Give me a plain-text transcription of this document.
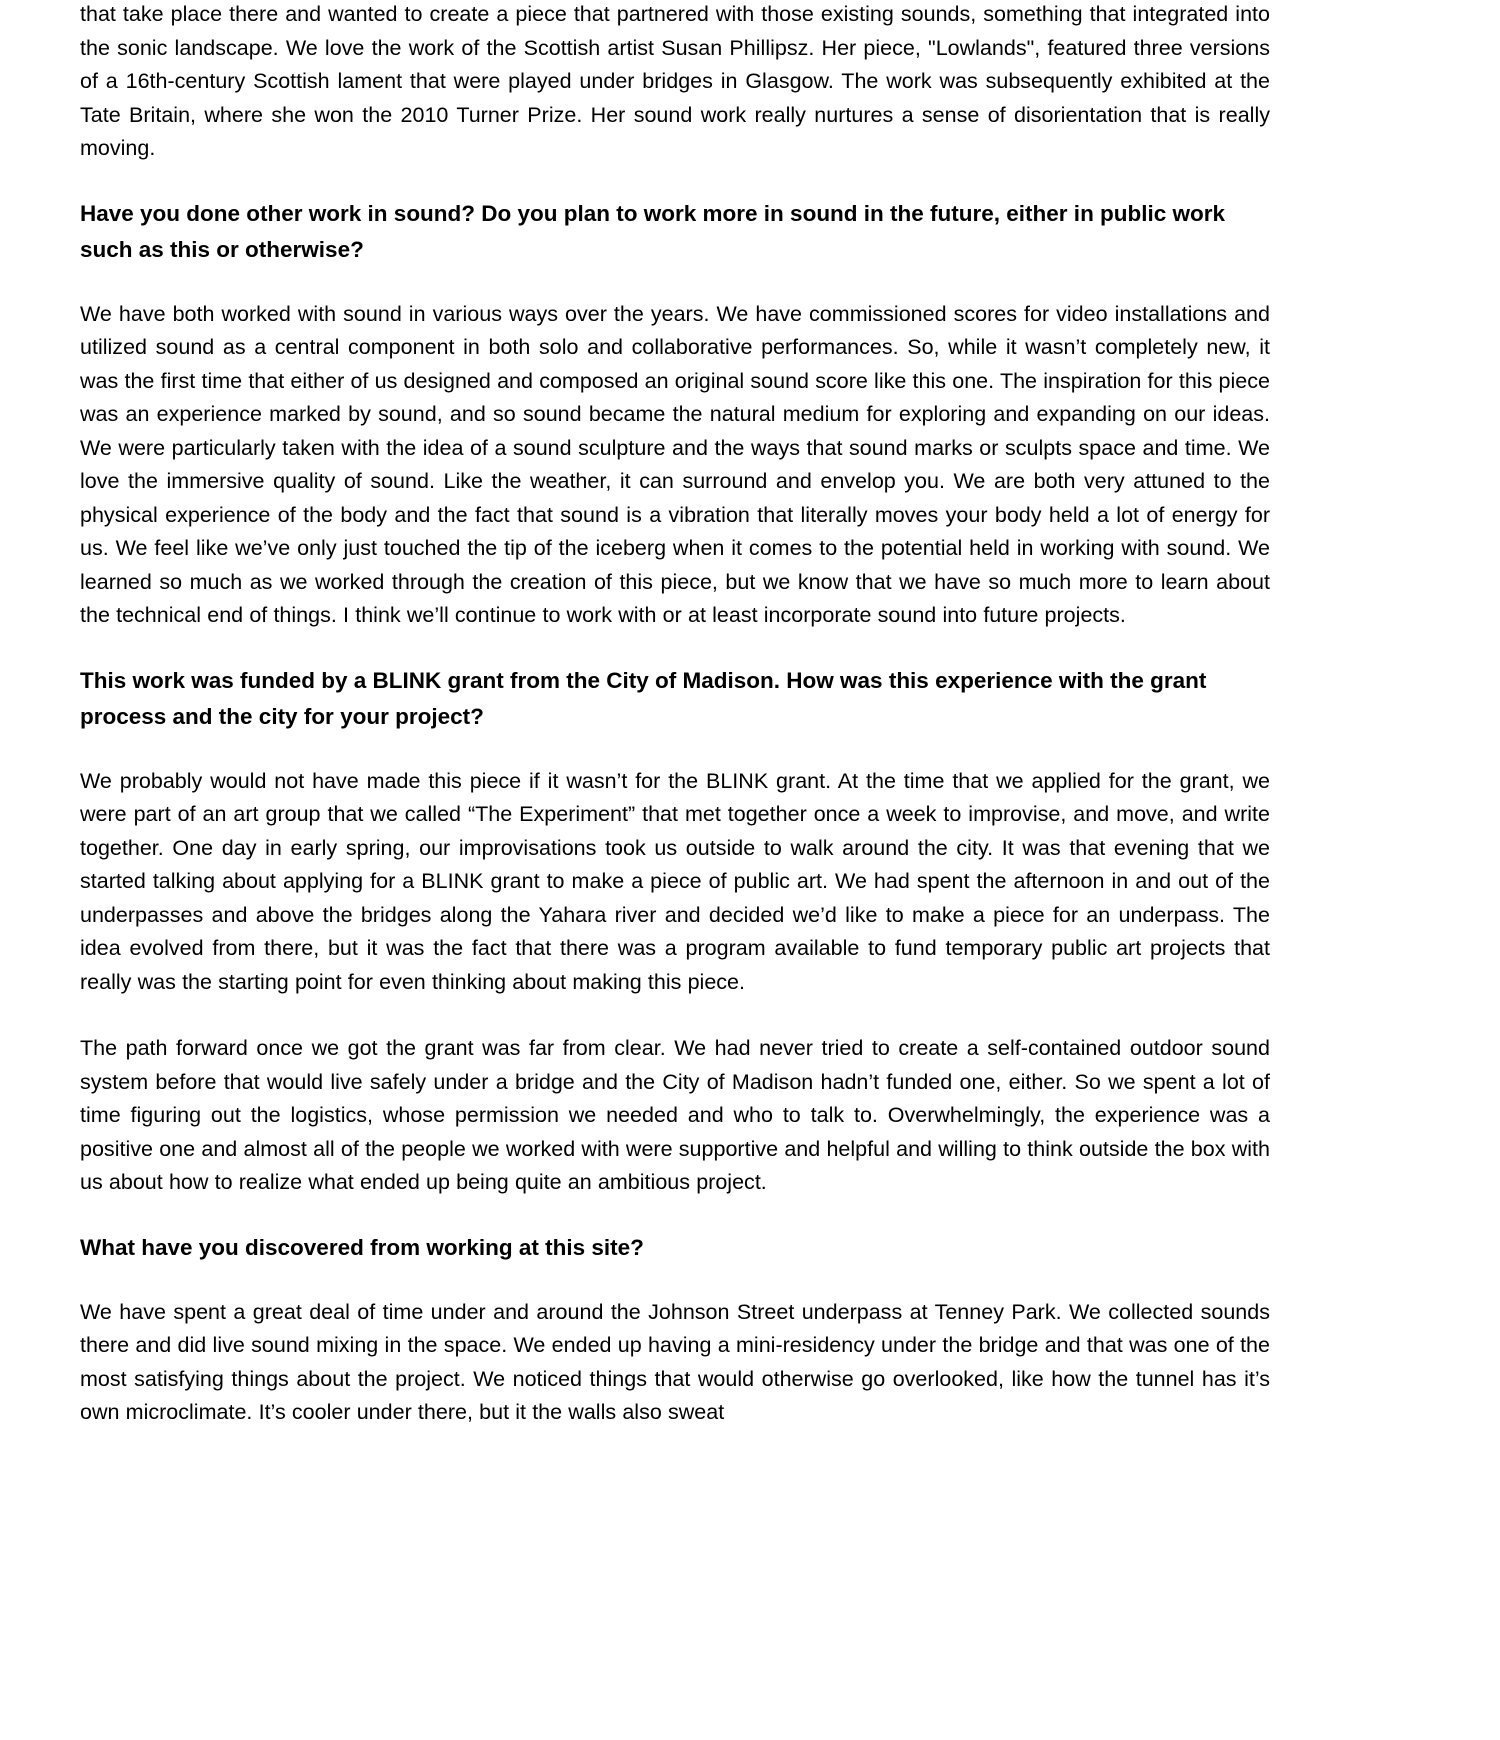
that take place there and wanted to create a piece that partnered with those existing sounds, something that integrated into the sonic landscape. We love the work of the Scottish artist Susan Phillipsz. Her piece, "Lowlands", featured three versions of a 16th-century Scottish lament that were played under bridges in Glasgow. The work was subsequently exhibited at the Tate Britain, where she won the 2010 Turner Prize. Her sound work really nurtures a sense of disorientation that is really moving.

Have you done other work in sound? Do you plan to work more in sound in the future, either in public work such as this or otherwise?

We have both worked with sound in various ways over the years. We have commissioned scores for video installations and utilized sound as a central component in both solo and collaborative performances. So, while it wasn’t completely new, it was the first time that either of us designed and composed an original sound score like this one. The inspiration for this piece was an experience marked by sound, and so sound became the natural medium for exploring and expanding on our ideas. We were particularly taken with the idea of a sound sculpture and the ways that sound marks or sculpts space and time. We love the immersive quality of sound. Like the weather, it can surround and envelop you. We are both very attuned to the physical experience of the body and the fact that sound is a vibration that literally moves your body held a lot of energy for us. We feel like we’ve only just touched the tip of the iceberg when it comes to the potential held in working with sound. We learned so much as we worked through the creation of this piece, but we know that we have so much more to learn about the technical end of things. I think we’ll continue to work with or at least incorporate sound into future projects.

This work was funded by a BLINK grant from the City of Madison. How was this experience with the grant process and the city for your project?

We probably would not have made this piece if it wasn’t for the BLINK grant. At the time that we applied for the grant, we were part of an art group that we called “The Experiment” that met together once a week to improvise, and move, and write together. One day in early spring, our improvisations took us outside to walk around the city. It was that evening that we started talking about applying for a BLINK grant to make a piece of public art. We had spent the afternoon in and out of the underpasses and above the bridges along the Yahara river and decided we’d like to make a piece for an underpass. The idea evolved from there, but it was the fact that there was a program available to fund temporary public art projects that really was the starting point for even thinking about making this piece.

The path forward once we got the grant was far from clear. We had never tried to create a self-contained outdoor sound system before that would live safely under a bridge and the City of Madison hadn’t funded one, either. So we spent a lot of time figuring out the logistics, whose permission we needed and who to talk to. Overwhelmingly, the experience was a positive one and almost all of the people we worked with were supportive and helpful and willing to think outside the box with us about how to realize what ended up being quite an ambitious project.

What have you discovered from working at this site?

We have spent a great deal of time under and around the Johnson Street underpass at Tenney Park. We collected sounds there and did live sound mixing in the space. We ended up having a mini-residency under the bridge and that was one of the most satisfying things about the project. We noticed things that would otherwise go overlooked, like how the tunnel has it’s own microclimate. It’s cooler under there, but it the walls also sweat
